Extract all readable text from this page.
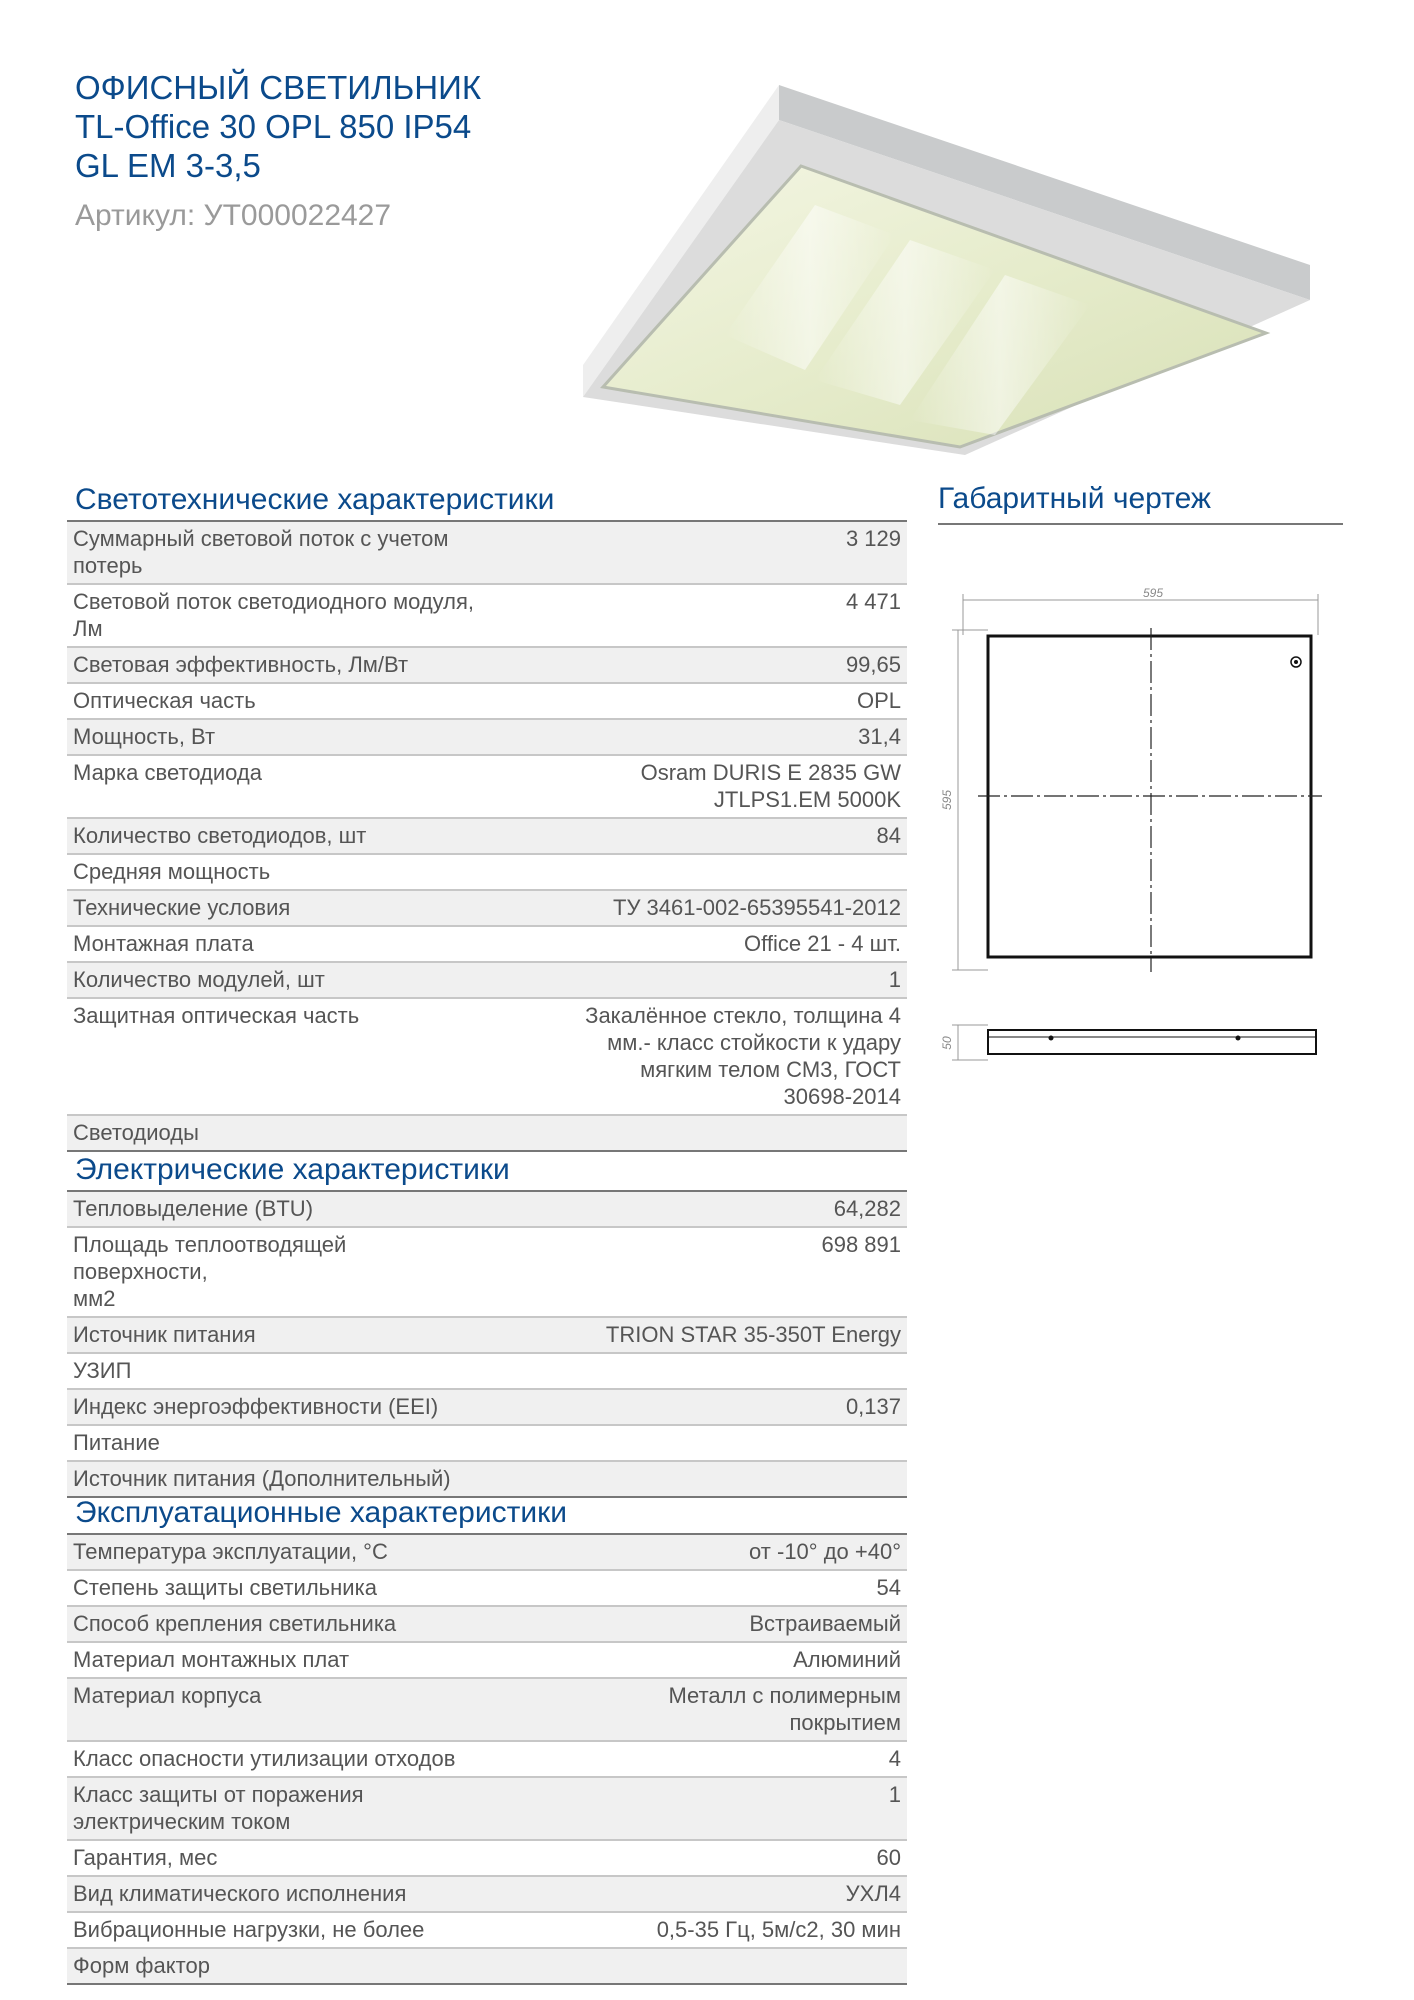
ОФИСНЫЙ СВЕТИЛЬНИК
TL-Office 30 OPL 850 IP54
GL EM 3-3,5
Артикул: УТ000022427
Светотехнические характеристики
Суммарный световой поток с учетом
потерь	3 129
Световой поток светодиодного модуля,
Лм	4 471
Световая эффективность, Лм/Вт	99,65
Оптическая часть	OPL
Мощность, Вт	31,4
Марка светодиода	Osram DURIS E 2835 GW
JTLPS1.EM 5000K
Количество светодиодов, шт	84
Средняя мощность	
Технические условия	ТУ 3461-002-65395541-2012
Монтажная плата	Office 21 - 4 шт.
Количество модулей, шт	1
Защитная оптическая часть	Закалённое стекло, толщина 4
мм.- класс стойкости к удару
мягким телом СМ3, ГОСТ
30698-2014
Светодиоды	
Электрические характеристики
Тепловыделение (BTU)	64,282
Площадь теплоотводящей поверхности,
мм2	698 891
Источник питания	TRION STAR 35-350T Energy
УЗИП	
Индекс энергоэффективности (EEI)	0,137
Питание	
Источник питания (Дополнительный)	
Эксплуатационные характеристики
Температура эксплуатации, °С	от -10° до +40°
Степень защиты светильника	54
Способ крепления светильника	Встраиваемый
Материал монтажных плат	Алюминий
Материал корпуса	Металл с полимерным
покрытием
Класс опасности утилизации отходов	4
Класс защиты от поражения
электрическим током	1
Гарантия, мес	60
Вид климатического исполнения	УХЛ4
Вибрационные нагрузки, не более	0,5-35 Гц, 5м/с2, 30 мин
Форм фактор	
Габаритный чертеж
595
595
50
